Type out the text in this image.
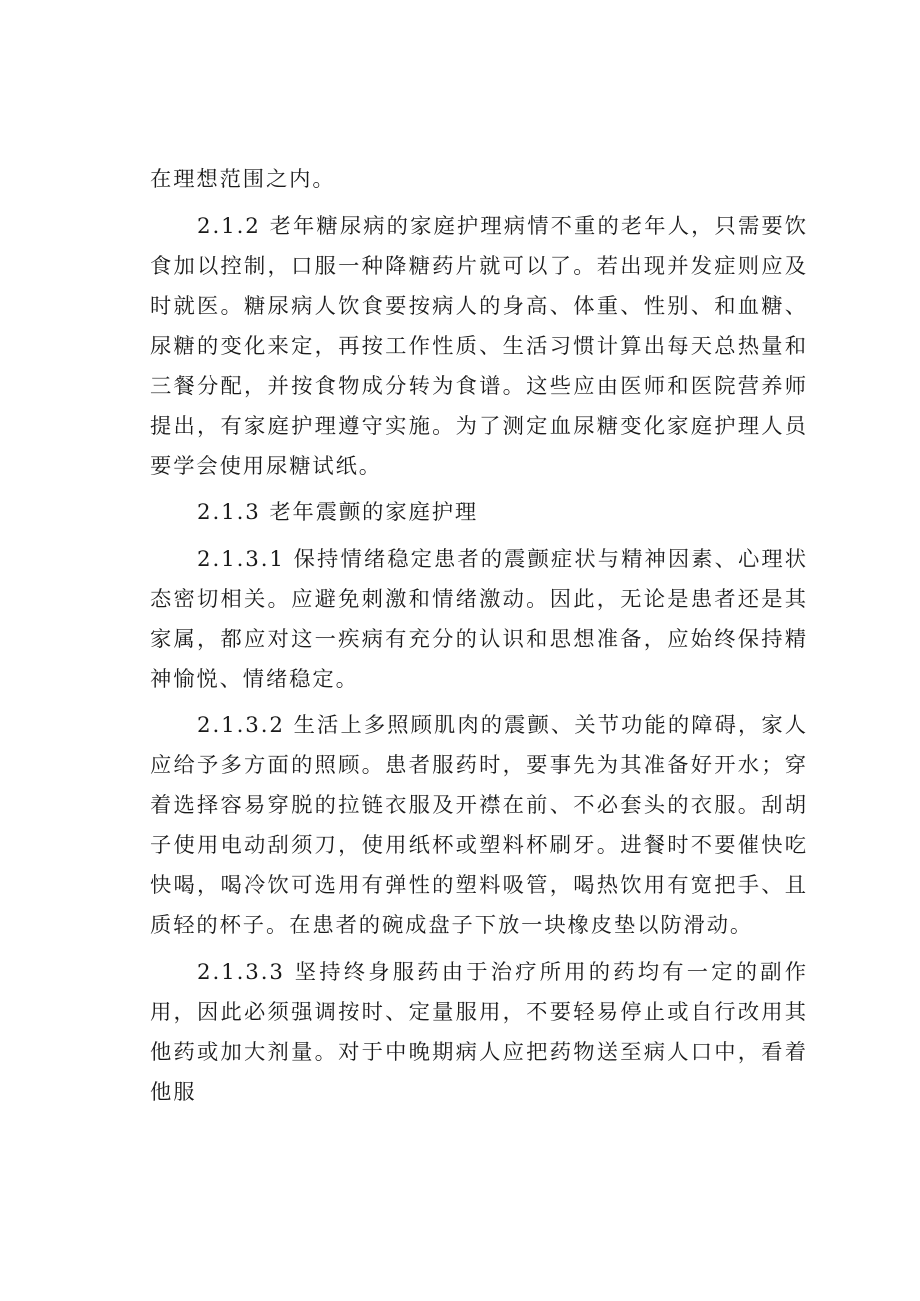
在理想范围之内。

2.1.2 老年糖尿病的家庭护理病情不重的老年人，只需要饮食加以控制，口服一种降糖药片就可以了。若出现并发症则应及时就医。糖尿病人饮食要按病人的身高、体重、性别、和血糖、尿糖的变化来定，再按工作性质、生活习惯计算出每天总热量和三餐分配，并按食物成分转为食谱。这些应由医师和医院营养师提出，有家庭护理遵守实施。为了测定血尿糖变化家庭护理人员要学会使用尿糖试纸。

2.1.3 老年震颤的家庭护理

2.1.3.1 保持情绪稳定患者的震颤症状与精神因素、心理状态密切相关。应避免刺激和情绪激动。因此，无论是患者还是其家属，都应对这一疾病有充分的认识和思想准备，应始终保持精神愉悦、情绪稳定。

2.1.3.2 生活上多照顾肌肉的震颤、关节功能的障碍，家人应给予多方面的照顾。患者服药时，要事先为其准备好开水；穿着选择容易穿脱的拉链衣服及开襟在前、不必套头的衣服。刮胡子使用电动刮须刀，使用纸杯或塑料杯刷牙。进餐时不要催快吃快喝，喝冷饮可选用有弹性的塑料吸管，喝热饮用有宽把手、且质轻的杯子。在患者的碗成盘子下放一块橡皮垫以防滑动。

2.1.3.3 坚持终身服药由于治疗所用的药均有一定的副作用，因此必须强调按时、定量服用，不要轻易停止或自行改用其他药或加大剂量。对于中晚期病人应把药物送至病人口中，看着他服
